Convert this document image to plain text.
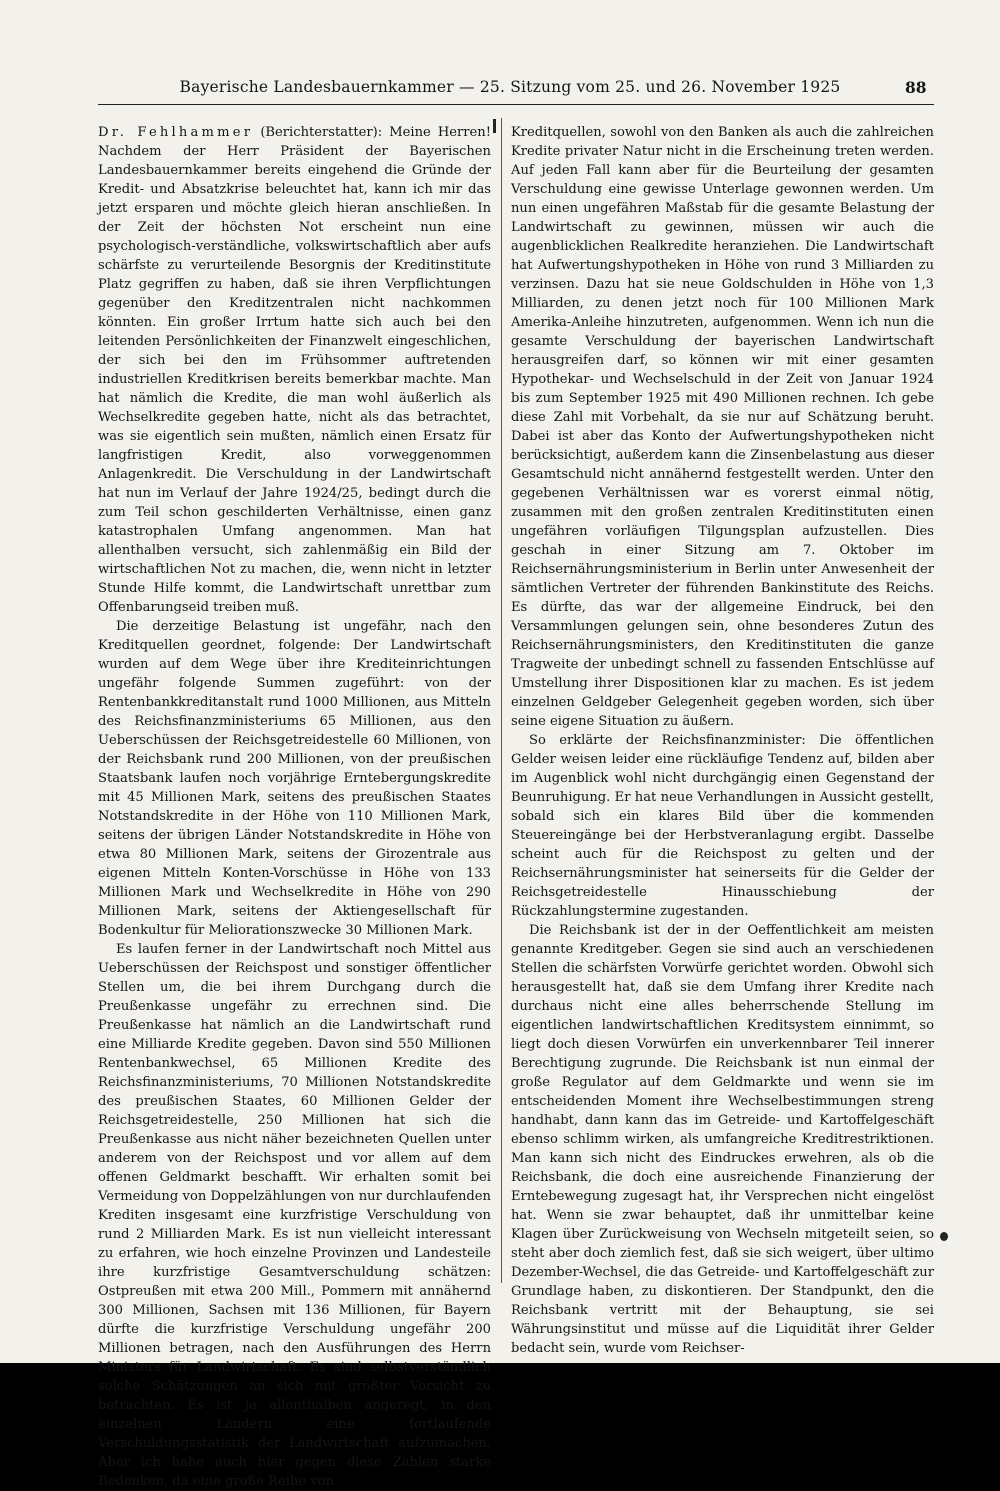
Bayerische Landesbauernkammer — 25. Sitzung vom 25. und 26. November 1925	88

Dr. Fehlhammer (Berichterstatter): Meine Herren! Nachdem der Herr Präsident der Bayerischen Landesbauernkammer bereits eingehend die Gründe der Kredit- und Absatzkrise beleuchtet hat, kann ich mir das jetzt ersparen und möchte gleich hieran anschließen. In der Zeit der höchsten Not erscheint nun eine psychologisch-verständliche, volkswirtschaftlich aber aufs schärfste zu verurteilende Besorgnis der Kreditinstitute Platz gegriffen zu haben, daß sie ihren Verpflichtungen gegenüber den Kreditzentralen nicht nachkommen könnten. Ein großer Irrtum hatte sich auch bei den leitenden Persönlichkeiten der Finanzwelt eingeschlichen, der sich bei den im Frühsommer auftretenden industriellen Kreditkrisen bereits bemerkbar machte. Man hat nämlich die Kredite, die man wohl äußerlich als Wechselkredite gegeben hatte, nicht als das betrachtet, was sie eigentlich sein mußten, nämlich einen Ersatz für langfristigen Kredit, also vorweggenommen Anlagenkredit. Die Verschuldung in der Landwirtschaft hat nun im Verlauf der Jahre 1924/25, bedingt durch die zum Teil schon geschilderten Verhältnisse, einen ganz katastrophalen Umfang angenommen. Man hat allenthalben versucht, sich zahlenmäßig ein Bild der wirtschaftlichen Not zu machen, die, wenn nicht in letzter Stunde Hilfe kommt, die Landwirtschaft unrettbar zum Offenbarungseid treiben muß.

Die derzeitige Belastung ist ungefähr, nach den Kreditquellen geordnet, folgende: Der Landwirtschaft wurden auf dem Wege über ihre Krediteinrichtungen ungefähr folgende Summen zugeführt: von der Rentenbankkreditanstalt rund 1000 Millionen, aus Mitteln des Reichsfinanzministeriums 65 Millionen, aus den Ueberschüssen der Reichsgetreidestelle 60 Millionen, von der Reichsbank rund 200 Millionen, von der preußischen Staatsbank laufen noch vorjährige Erntebergungskredite mit 45 Millionen Mark, seitens des preußischen Staates Notstandskredite in der Höhe von 110 Millionen Mark, seitens der übrigen Länder Notstandskredite in Höhe von etwa 80 Millionen Mark, seitens der Girozentrale aus eigenen Mitteln Konten-Vorschüsse in Höhe von 133 Millionen Mark und Wechselkredite in Höhe von 290 Millionen Mark, seitens der Aktiengesellschaft für Bodenkultur für Meliorationszwecke 30 Millionen Mark.

Es laufen ferner in der Landwirtschaft noch Mittel aus Ueberschüssen der Reichspost und sonstiger öffentlicher Stellen um, die bei ihrem Durchgang durch die Preußenkasse ungefähr zu errechnen sind. Die Preußenkasse hat nämlich an die Landwirtschaft rund eine Milliarde Kredite gegeben. Davon sind 550 Millionen Rentenbankwechsel, 65 Millionen Kredite des Reichsfinanzministeriums, 70 Millionen Notstandskredite des preußischen Staates, 60 Millionen Gelder der Reichsgetreidestelle, 250 Millionen hat sich die Preußenkasse aus nicht näher bezeichneten Quellen unter anderem von der Reichspost und vor allem auf dem offenen Geldmarkt beschafft. Wir erhalten somit bei Vermeidung von Doppelzählungen von nur durchlaufenden Krediten insgesamt eine kurzfristige Verschuldung von rund 2 Milliarden Mark. Es ist nun vielleicht interessant zu erfahren, wie hoch einzelne Provinzen und Landesteile ihre kurzfristige Gesamtverschuldung schätzen: Ostpreußen mit etwa 200 Mill., Pommern mit annähernd 300 Millionen, Sachsen mit 136 Millionen, für Bayern dürfte die kurzfristige Verschuldung ungefähr 200 Millionen betragen, nach den Ausführungen des Herrn Ministers für Landwirtschaft. Es sind selbstverständlich solche Schätzungen an sich mit größter Vorsicht zu betrachten. Es ist ja allenthalben angeregt, in den einzelnen Ländern eine fortlaufende Verschuldungsstatistik der Landwirtschaft aufzumachen. Aber ich habe auch hier gegen diese Zahlen starke Bedenken, da eine große Reihe von

Kreditquellen, sowohl von den Banken als auch die zahlreichen Kredite privater Natur nicht in die Erscheinung treten werden. Auf jeden Fall kann aber für die Beurteilung der gesamten Verschuldung eine gewisse Unterlage gewonnen werden. Um nun einen ungefähren Maßstab für die gesamte Belastung der Landwirtschaft zu gewinnen, müssen wir auch die augenblicklichen Realkredite heranziehen. Die Landwirtschaft hat Aufwertungshypotheken in Höhe von rund 3 Milliarden zu verzinsen. Dazu hat sie neue Goldschulden in Höhe von 1,3 Milliarden, zu denen jetzt noch für 100 Millionen Mark Amerika-Anleihe hinzutreten, aufgenommen. Wenn ich nun die gesamte Verschuldung der bayerischen Landwirtschaft herausgreifen darf, so können wir mit einer gesamten Hypothekar- und Wechselschuld in der Zeit von Januar 1924 bis zum September 1925 mit 490 Millionen rechnen. Ich gebe diese Zahl mit Vorbehalt, da sie nur auf Schätzung beruht. Dabei ist aber das Konto der Aufwertungshypotheken nicht berücksichtigt, außerdem kann die Zinsenbelastung aus dieser Gesamtschuld nicht annähernd festgestellt werden. Unter den gegebenen Verhältnissen war es vorerst einmal nötig, zusammen mit den großen zentralen Kreditinstituten einen ungefähren vorläufigen Tilgungsplan aufzustellen. Dies geschah in einer Sitzung am 7. Oktober im Reichsernährungsministerium in Berlin unter Anwesenheit der sämtlichen Vertreter der führenden Bankinstitute des Reichs. Es dürfte, das war der allgemeine Eindruck, bei den Versammlungen gelungen sein, ohne besonderes Zutun des Reichsernährungsministers, den Kreditinstituten die ganze Tragweite der unbedingt schnell zu fassenden Entschlüsse auf Umstellung ihrer Dispositionen klar zu machen. Es ist jedem einzelnen Geldgeber Gelegenheit gegeben worden, sich über seine eigene Situation zu äußern.

So erklärte der Reichsfinanzminister: Die öffentlichen Gelder weisen leider eine rückläufige Tendenz auf, bilden aber im Augenblick wohl nicht durchgängig einen Gegenstand der Beunruhigung. Er hat neue Verhandlungen in Aussicht gestellt, sobald sich ein klares Bild über die kommenden Steuereingänge bei der Herbstveranlagung ergibt. Dasselbe scheint auch für die Reichspost zu gelten und der Reichsernährungsminister hat seinerseits für die Gelder der Reichsgetreidestelle Hinausschiebung der Rückzahlungstermine zugestanden.

Die Reichsbank ist der in der Oeffentlichkeit am meisten genannte Kreditgeber. Gegen sie sind auch an verschiedenen Stellen die schärfsten Vorwürfe gerichtet worden. Obwohl sich herausgestellt hat, daß sie dem Umfang ihrer Kredite nach durchaus nicht eine alles beherrschende Stellung im eigentlichen landwirtschaftlichen Kreditsystem einnimmt, so liegt doch diesen Vorwürfen ein unverkennbarer Teil innerer Berechtigung zugrunde. Die Reichsbank ist nun einmal der große Regulator auf dem Geldmarkte und wenn sie im entscheidenden Moment ihre Wechselbestimmungen streng handhabt, dann kann das im Getreide- und Kartoffelgeschäft ebenso schlimm wirken, als umfangreiche Kreditrestriktionen. Man kann sich nicht des Eindruckes erwehren, als ob die Reichsbank, die doch eine ausreichende Finanzierung der Erntebewegung zugesagt hat, ihr Versprechen nicht eingelöst hat. Wenn sie zwar behauptet, daß ihr unmittelbar keine Klagen über Zurückweisung von Wechseln mitgeteilt seien, so steht aber doch ziemlich fest, daß sie sich weigert, über ultimo Dezember-Wechsel, die das Getreide- und Kartoffelgeschäft zur Grundlage haben, zu diskontieren. Der Standpunkt, den die Reichsbank vertritt mit der Behauptung, sie sei Währungsinstitut und müsse auf die Liquidität ihrer Gelder bedacht sein, wurde vom Reichser-
